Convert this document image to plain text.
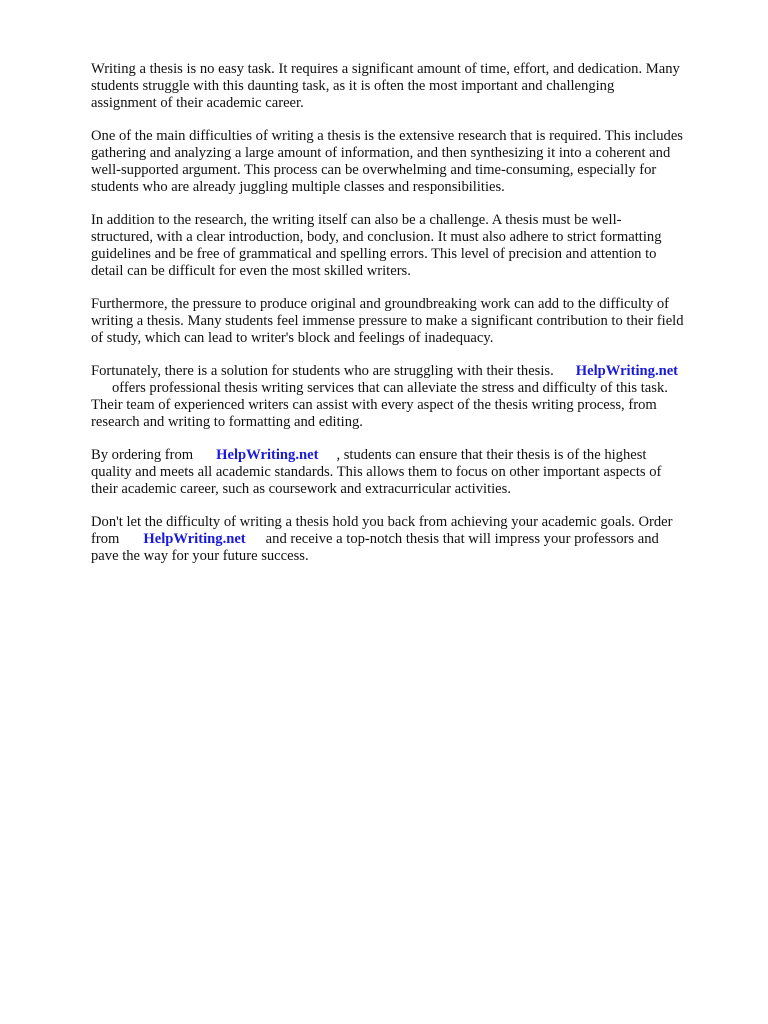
Writing a thesis is no easy task. It requires a significant amount of time, effort, and dedication. Many
students struggle with this daunting task, as it is often the most important and challenging
assignment of their academic career.

One of the main difficulties of writing a thesis is the extensive research that is required. This includes
gathering and analyzing a large amount of information, and then synthesizing it into a coherent and
well-supported argument. This process can be overwhelming and time-consuming, especially for
students who are already juggling multiple classes and responsibilities.

In addition to the research, the writing itself can also be a challenge. A thesis must be well-
structured, with a clear introduction, body, and conclusion. It must also adhere to strict formatting
guidelines and be free of grammatical and spelling errors. This level of precision and attention to
detail can be difficult for even the most skilled writers.

Furthermore, the pressure to produce original and groundbreaking work can add to the difficulty of
writing a thesis. Many students feel immense pressure to make a significant contribution to their field
of study, which can lead to writer's block and feelings of inadequacy.

Fortunately, there is a solution for students who are struggling with their thesis. HelpWriting.net
offers professional thesis writing services that can alleviate the stress and difficulty of this task.
Their team of experienced writers can assist with every aspect of the thesis writing process, from
research and writing to formatting and editing.

By ordering from HelpWriting.net , students can ensure that their thesis is of the highest
quality and meets all academic standards. This allows them to focus on other important aspects of
their academic career, such as coursework and extracurricular activities.

Don't let the difficulty of writing a thesis hold you back from achieving your academic goals. Order
from HelpWriting.net and receive a top-notch thesis that will impress your professors and
pave the way for your future success.
